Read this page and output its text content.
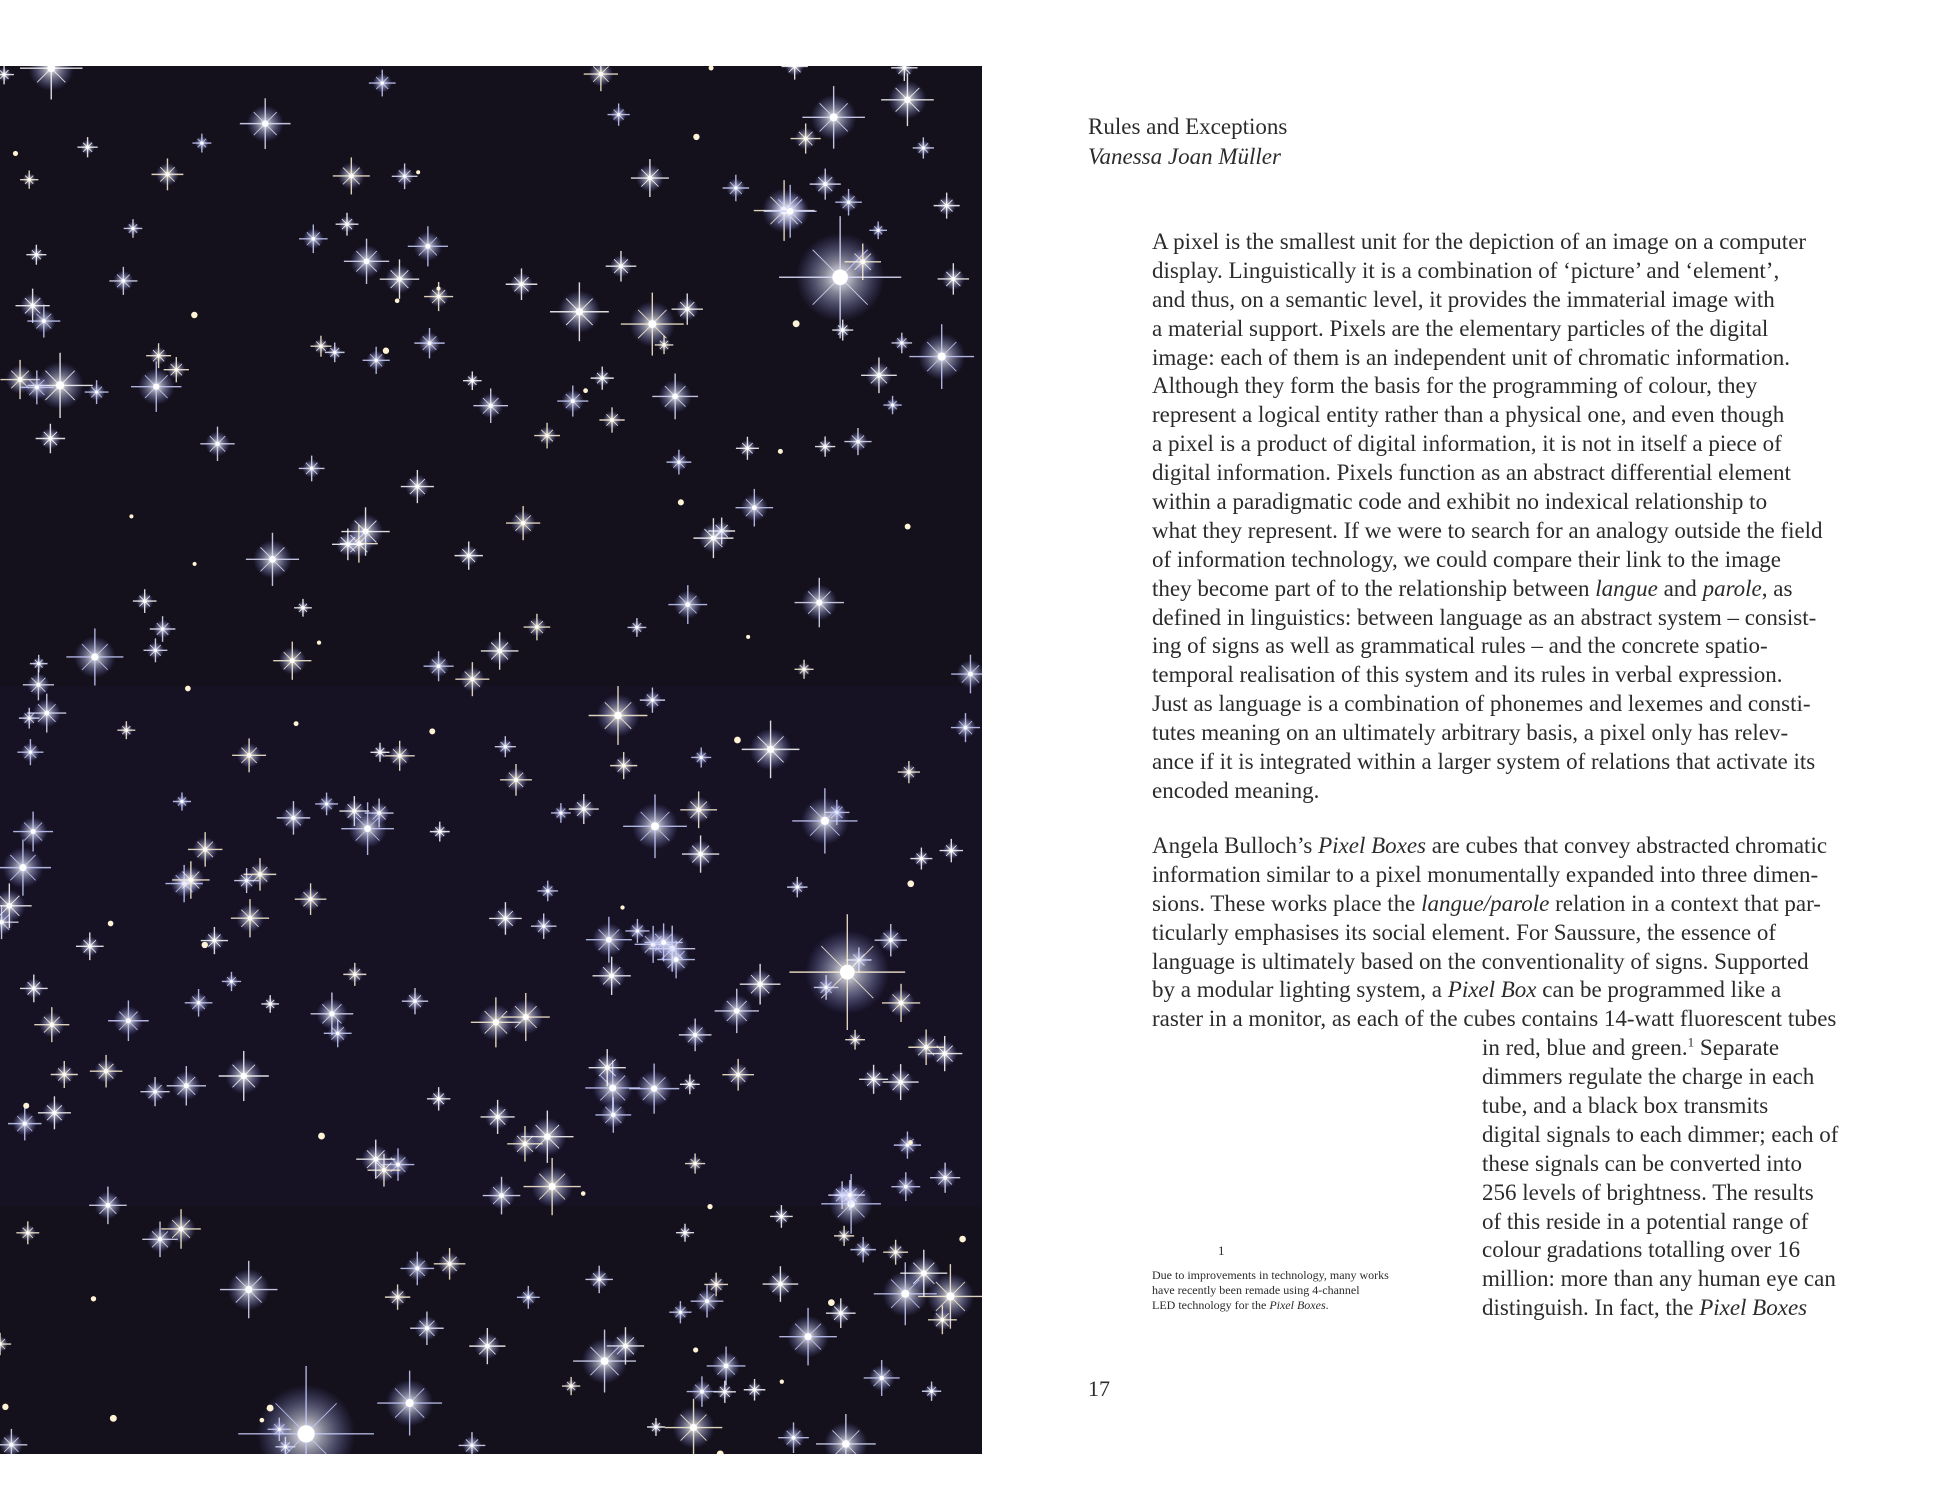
Rules and Exceptions
Vanessa Joan Müller
A pixel is the smallest unit for the depiction of an image on a computer
display. Linguistically it is a combination of ‘picture’ and ‘element’,
and thus, on a semantic level, it provides the immaterial image with
a material support. Pixels are the elementary particles of the digital
image: each of them is an independent unit of chromatic information.
Although they form the basis for the programming of colour, they
represent a logical entity rather than a physical one, and even though
a pixel is a product of digital information, it is not in itself a piece of
digital information. Pixels function as an abstract differential element
within a paradigmatic code and exhibit no indexical relationship to
what they represent. If we were to search for an analogy outside the field
of information technology, we could compare their link to the image
they become part of to the relationship between langue and parole, as
defined in linguistics: between language as an abstract system – consist-
ing of signs as well as grammatical rules – and the concrete spatio-
temporal realisation of this system and its rules in verbal expression.
Just as language is a combination of phonemes and lexemes and consti-
tutes meaning on an ultimately arbitrary basis, a pixel only has relev-
ance if it is integrated within a larger system of relations that activate its
encoded meaning.
Angela Bulloch’s Pixel Boxes are cubes that convey abstracted chromatic
information similar to a pixel monumentally expanded into three dimen-
sions. These works place the langue/parole relation in a context that par-
ticularly emphasises its social element. For Saussure, the essence of
language is ultimately based on the conventionality of signs. Supported
by a modular lighting system, a Pixel Box can be programmed like a
raster in a monitor, as each of the cubes contains 14-watt fluorescent tubes
in red, blue and green.$^1$ Separate
dimmers regulate the charge in each
tube, and a black box transmits
digital signals to each dimmer; each of
these signals can be converted into
256 levels of brightness. The results
of this reside in a potential range of
colour gradations totalling over 16
million: more than any human eye can
distinguish. In fact, the Pixel Boxes
1
Due to improvements in technology, many works
have recently been remade using 4-channel
LED technology for the Pixel Boxes.
17
